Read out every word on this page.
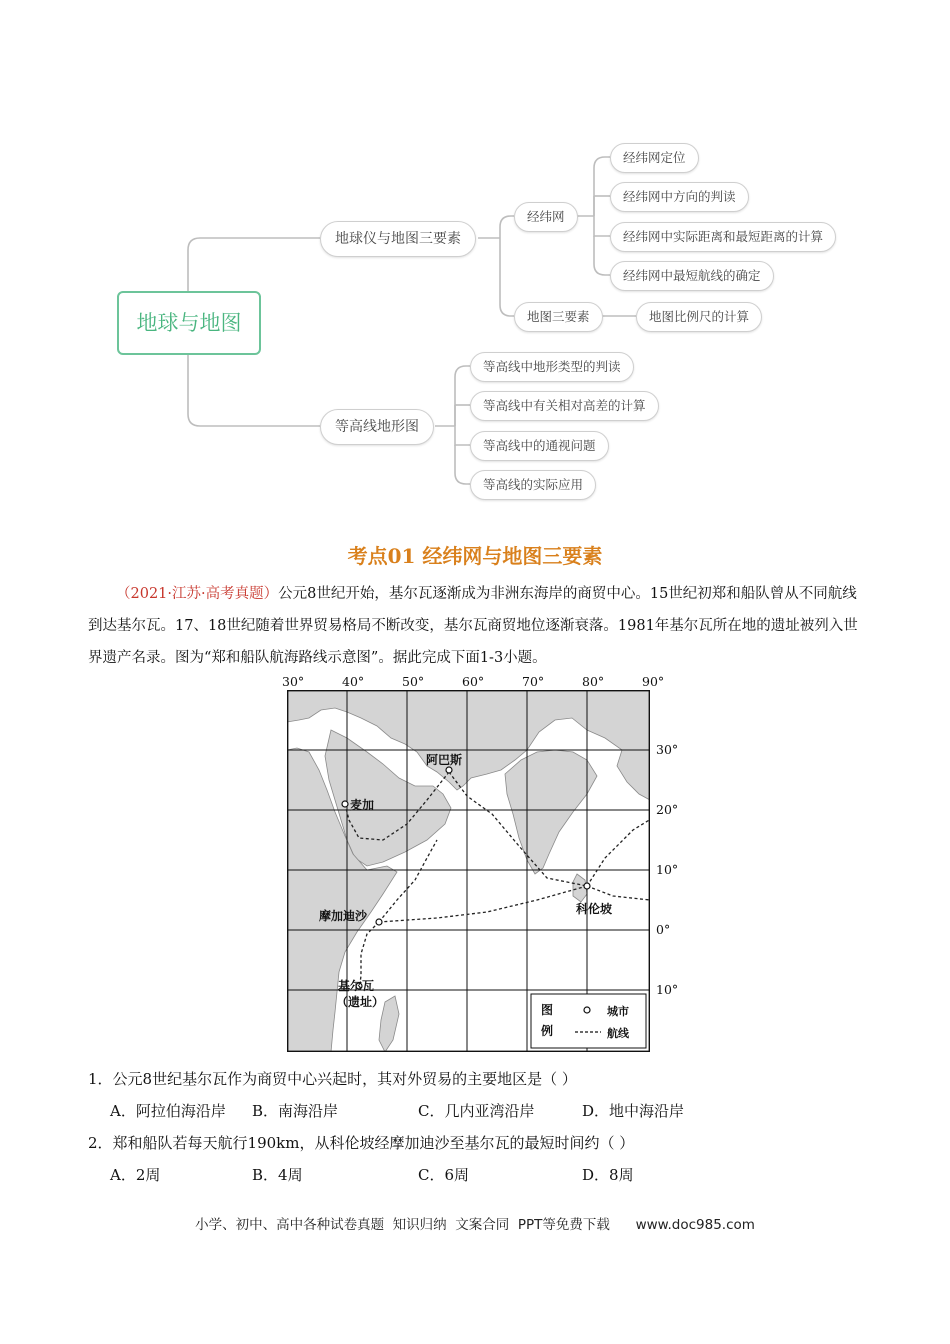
地球与地图
地球仪与地图三要素
等高线地形图
经纬网
地图三要素
经纬网定位
经纬网中方向的判读
经纬网中实际距离和最短距离的计算
经纬网中最短航线的确定
地图比例尺的计算
等高线中地形类型的判读
等高线中有关相对高差的计算
等高线中的通视问题
等高线的实际应用
考点01 经纬网与地图三要素
（2021·江苏·高考真题）公元8世纪开始，基尔瓦逐渐成为非洲东海岸的商贸中心。15世纪初郑和船队曾从不同航线到达基尔瓦。17、18世纪随着世界贸易格局不断改变，基尔瓦商贸地位逐渐衰落。1981年基尔瓦所在地的遗址被列入世界遗产名录。图为“郑和船队航海路线示意图”。据此完成下面1-3小题。
30°	40°	50°	60°	70°	80°	90°
30°
20°
10°
0°
10°
阿巴斯
麦加
摩加迪沙	科伦坡
基尔瓦
（遗址）
图
例
城市
航线
1．公元8世纪基尔瓦作为商贸中心兴起时，其对外贸易的主要地区是（ ）
A．阿拉伯海沿岸 B．南海沿岸	C．几内亚湾沿岸	D．地中海沿岸
2．郑和船队若每天航行190km，从科伦坡经摩加迪沙至基尔瓦的最短时间约（ ）
A．2周	B．4周	C．6周	D．8周
小学、初中、高中各种试卷真题  知识归纳  文案合同  PPT等免费下载      www.doc985.com
